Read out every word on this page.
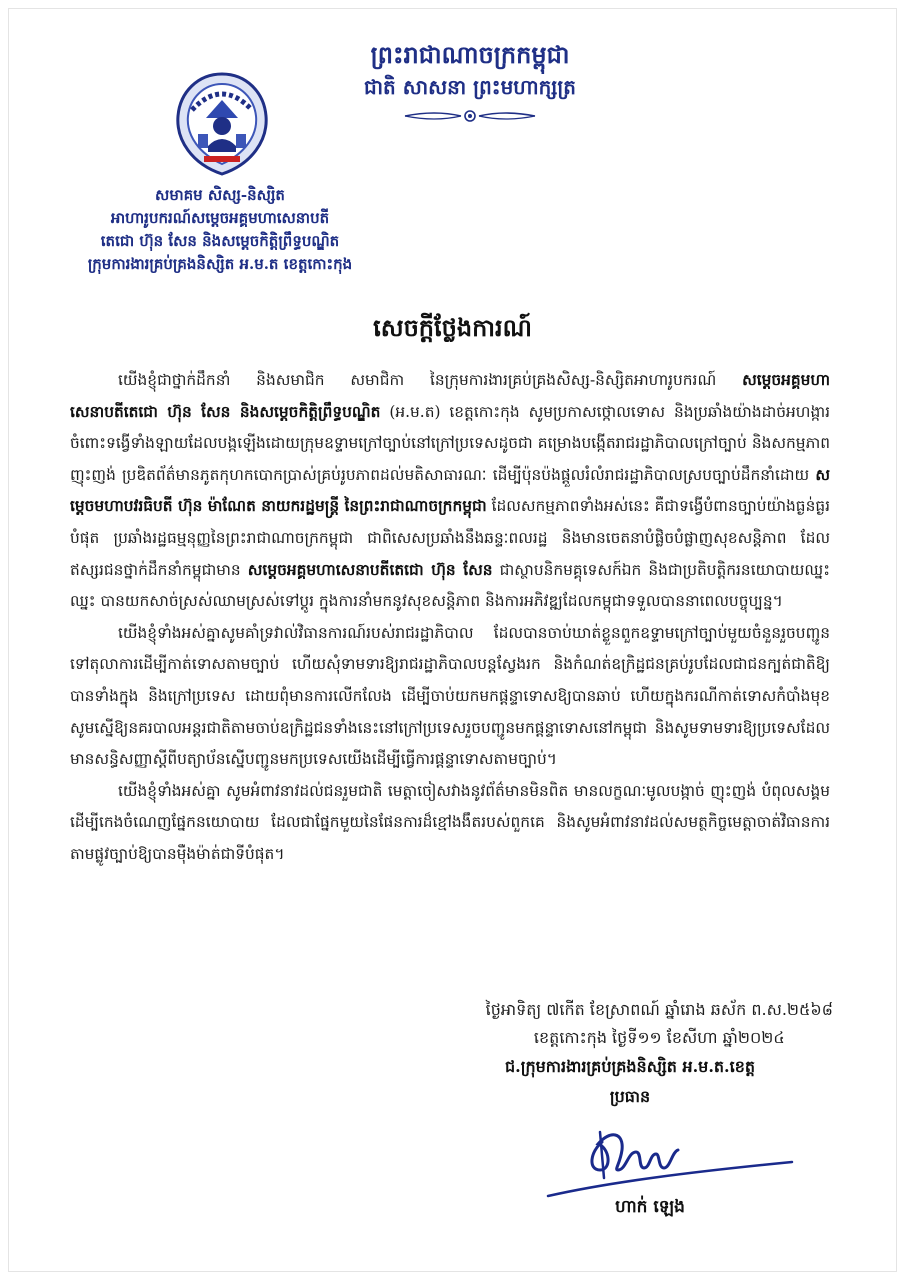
ព្រះរាជាណាចក្រកម្ពុជា
ជាតិ សាសនា ព្រះមហាក្សត្រ
សមាគម សិស្ស-និស្សិត
អាហារូបករណ៍សម្តេចអគ្គមហាសេនាបតី
តេជោ ហ៊ុន សែន និងសម្តេចកិត្តិព្រឹទ្ធបណ្ឌិត
ក្រុមការងារគ្រប់គ្រងនិស្សិត អ.ម.ត ខេត្តកោះកុង
សេចក្តីថ្លែងការណ៍

យើងខ្ញុំជាថ្នាក់ដឹកនាំ និងសមាជិក សមាជិកា នៃក្រុមការងារគ្រប់គ្រងសិស្ស-និស្សិតអាហារូបករណ៍ សម្តេចអគ្គមហាសេនាបតីតេជោ ហ៊ុន សែន និងសម្តេចកិត្តិព្រឹទ្ធបណ្ឌិត (អ.ម.ត) ខេត្តកោះកុង សូមប្រកាសថ្កោលទោស និងប្រឆាំងយ៉ាងដាច់អហង្ការ ចំពោះទង្វើទាំងឡាយដែលបង្កឡើងដោយក្រុមឧទ្ទាមក្រៅច្បាប់នៅក្រៅប្រទេសដូចជា គម្រោងបង្កើតរាជរដ្ឋាភិបាលក្រៅច្បាប់ និងសកម្មភាពញុះញង់ ប្រឌិតព័ត៌មានភូតកុហកបោកប្រាស់គ្រប់រូបភាពដល់មតិសាធារណៈ ដើម្បីប៉ុនប៉ងផ្តួលរំលំរាជរដ្ឋាភិបាលស្របច្បាប់ដឹកនាំដោយ សម្តេចមហាបវរធិបតី ហ៊ុន ម៉ាណែត នាយករដ្ឋមន្ត្រី នៃព្រះរាជាណាចក្រកម្ពុជា ដែលសកម្មភាពទាំងអស់នេះ គឺជាទង្វើបំពានច្បាប់យ៉ាងធ្ងន់ធ្ងរបំផុត ប្រឆាំងរដ្ឋធម្មនុញ្ញនៃព្រះរាជាណាចក្រកម្ពុជា ជាពិសេសប្រឆាំងនឹងឆន្ទៈពលរដ្ឋ និងមានចេតនាបំផ្លិចបំផ្លាញសុខសន្តិភាព ដែលឥស្សរជនថ្នាក់ដឹកនាំកម្ពុជាមាន សម្តេចអគ្គមហាសេនាបតីតេជោ ហ៊ុន សែន ជាស្ថាបនិកមគ្គុទេសក៍ឯក និងជាប្រតិបត្តិករនយោបាយឈ្នះ ឈ្នះ បានយកសាច់ស្រស់ឈាមស្រស់ទៅប្តូរ ក្នុងការនាំមកនូវសុខសន្តិភាព និងការអភិវឌ្ឍដែលកម្ពុជាទទួលបាននាពេលបច្ចុប្បន្ន។

យើងខ្ញុំទាំងអស់គ្នាសូមគាំទ្រវាល់វិធានការណ៍របស់រាជរដ្ឋាភិបាល ដែលបានចាប់ឃាត់ខ្លួនពួកឧទ្ទាមក្រៅច្បាប់មួយចំនួនរួចបញ្ជូនទៅតុលាការដើម្បីកាត់ទោសតាមច្បាប់ ហើយសុំទាមទារឱ្យរាជរដ្ឋាភិបាលបន្តស្វែងរក និងកំណត់ឧក្រិដ្ឋជនគ្រប់រូបដែលជាជនក្បត់ជាតិឱ្យបានទាំងក្នុង និងក្រៅប្រទេស ដោយពុំមានការលើកលែង ដើម្បីចាប់យកមកផ្តន្ទាទោសឱ្យបានឆាប់ ហើយក្នុងករណីកាត់ទោសកំបាំងមុខ សូមស្នើឱ្យនគរបាលអន្តរជាតិតាមចាប់ឧក្រិដ្ឋជនទាំងនេះនៅក្រៅប្រទេសរួចបញ្ជូនមកផ្តន្ទាទោសនៅកម្ពុជា និងសូមទាមទារឱ្យប្រទេសដែលមានសន្ធិសញ្ញាស្តីពីបត្យាប័នស្នើបញ្ជូនមកប្រទេសយើងដើម្បីធ្វើការផ្តន្ទាទោសតាមច្បាប់។

យើងខ្ញុំទាំងអស់គ្នា សូមអំពាវនាវដល់ជនរួមជាតិ មេត្តាចៀសវាងនូវព័ត៌មានមិនពិត មានលក្ខណៈមូលបង្កាច់ ញុះញង់ បំពុលសង្គម ដើម្បីកេងចំណេញផ្នែកនយោបាយ ដែលជាផ្នែកមួយនៃផែនការដ៏ខ្មៅងងឹតរបស់ពួកគេ និងសូមអំពាវនាវដល់សមត្ថកិច្ចមេត្តាចាត់វិធានការតាមផ្លូវច្បាប់ឱ្យបានម៉ឺងម៉ាត់ជាទីបំផុត។

ថ្ងៃអាទិត្យ ៧កើត ខែស្រាពណ៍ ឆ្នាំរោង ឆស័ក ព.ស.២៥៦៨
ខេត្តកោះកុង ថ្ងៃទី១១ ខែសីហា ឆ្នាំ២០២៤
ជ.ក្រុមការងារគ្រប់គ្រងនិស្សិត អ.ម.ត.ខេត្ត
ប្រធាន
ហាក់ ឡេង
